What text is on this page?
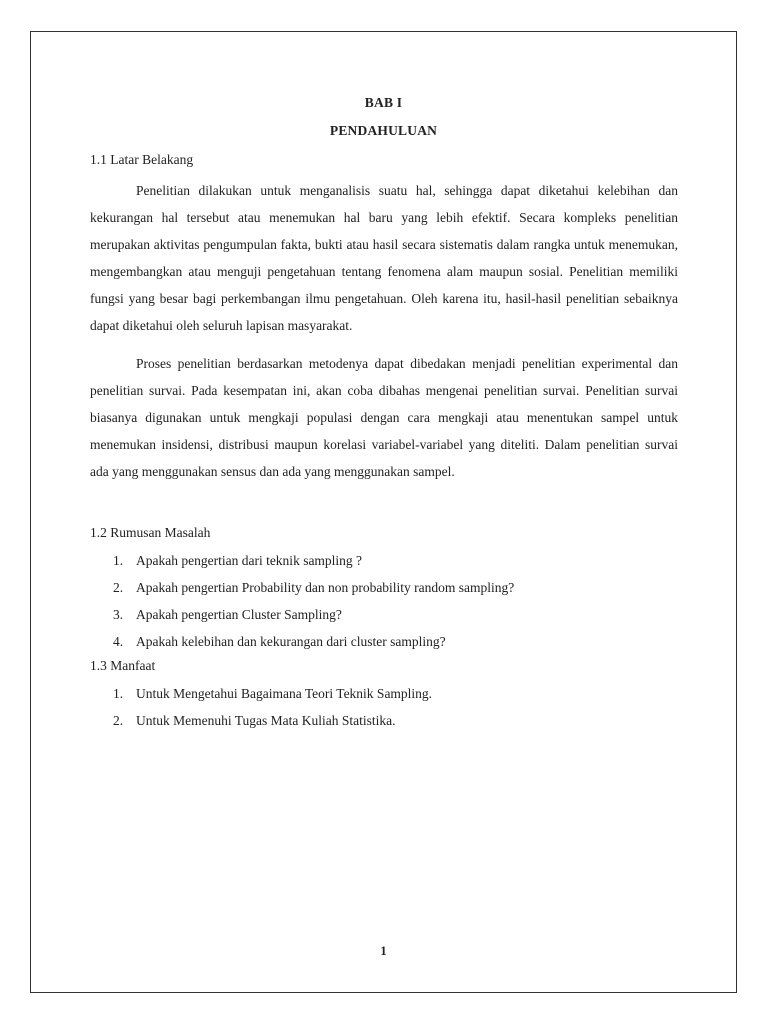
BAB I
PENDAHULUAN
1.1 Latar Belakang

Penelitian dilakukan untuk menganalisis suatu hal, sehingga dapat diketahui kelebihan dan kekurangan hal tersebut atau menemukan hal baru yang lebih efektif. Secara kompleks penelitian merupakan aktivitas pengumpulan fakta, bukti atau hasil secara sistematis dalam rangka untuk menemukan, mengembangkan atau menguji pengetahuan tentang fenomena alam maupun sosial. Penelitian memiliki fungsi yang besar bagi perkembangan ilmu pengetahuan. Oleh karena itu, hasil-hasil penelitian sebaiknya dapat diketahui oleh seluruh lapisan masyarakat.

Proses penelitian berdasarkan metodenya dapat dibedakan menjadi penelitian experimental dan penelitian survai. Pada kesempatan ini, akan coba dibahas mengenai penelitian survai. Penelitian survai biasanya digunakan untuk mengkaji populasi dengan cara mengkaji atau menentukan sampel untuk menemukan insidensi, distribusi maupun korelasi variabel-variabel yang diteliti. Dalam penelitian survai ada yang menggunakan sensus dan ada yang menggunakan sampel.

1.2 Rumusan Masalah
1. Apakah pengertian dari teknik sampling ?
2. Apakah pengertian Probability dan non probability random sampling?
3. Apakah pengertian Cluster Sampling?
4. Apakah kelebihan dan kekurangan dari cluster sampling?
1.3 Manfaat
1. Untuk Mengetahui Bagaimana Teori Teknik Sampling.
2. Untuk Memenuhi Tugas Mata Kuliah Statistika.
1
